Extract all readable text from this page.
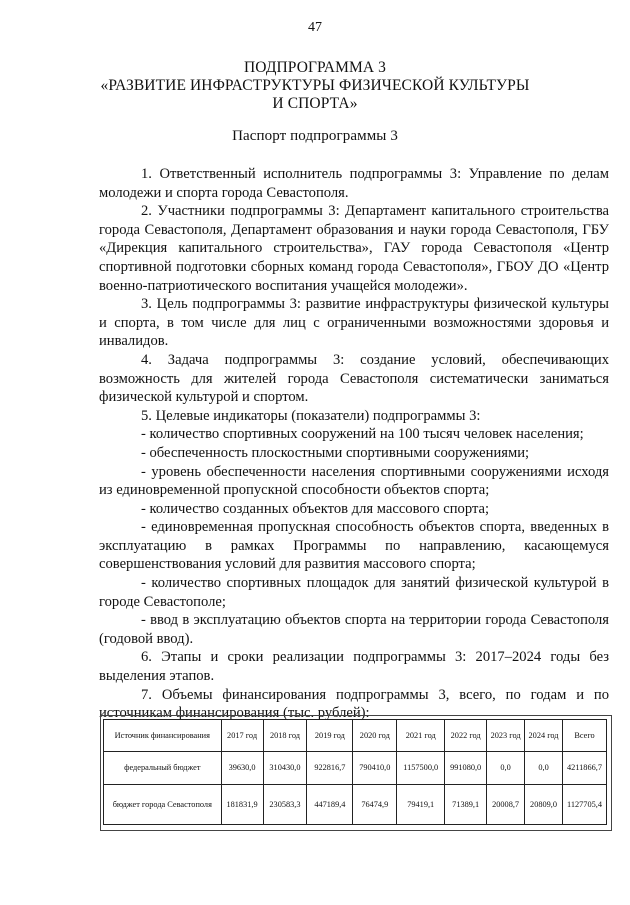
47
ПОДПРОГРАММА 3
«РАЗВИТИЕ ИНФРАСТРУКТУРЫ ФИЗИЧЕСКОЙ КУЛЬТУРЫ
И СПОРТА»
Паспорт подпрограммы 3

1. Ответственный исполнитель подпрограммы 3: Управление по делам молодежи и спорта города Севастополя.

2. Участники подпрограммы 3: Департамент капитального строительства города Севастополя, Департамент образования и науки города Севастополя, ГБУ «Дирекция капитального строительства», ГАУ города Севастополя «Центр спортивной подготовки сборных команд города Севастополя», ГБОУ ДО «Центр военно-патриотического воспитания учащейся молодежи».

3. Цель подпрограммы 3: развитие инфраструктуры физической культуры и спорта, в том числе для лиц с ограниченными возможностями здоровья и инвалидов.

4. Задача подпрограммы 3: создание условий, обеспечивающих возможность для жителей города Севастополя систематически заниматься физической культурой и спортом.

5. Целевые индикаторы (показатели) подпрограммы 3:

- количество спортивных сооружений на 100 тысяч человек населения;

- обеспеченность плоскостными спортивными сооружениями;

- уровень обеспеченности населения спортивными сооружениями исходя из единовременной пропускной способности объектов спорта;

- количество созданных объектов для массового спорта;

- единовременная пропускная способность объектов спорта, введенных в эксплуатацию в рамках Программы по направлению, касающемуся совершенствования условий для развития массового спорта;

- количество спортивных площадок для занятий физической культурой в городе Севастополе;

- ввод в эксплуатацию объектов спорта на территории города Севастополя (годовой ввод).

6. Этапы и сроки реализации подпрограммы 3: 2017–2024 годы без выделения этапов.

7. Объемы финансирования подпрограммы 3, всего, по годам и по источникам финансирования (тыс. рублей):

Источник финансирования	2017 год	2018 год	2019 год	2020 год	2021 год	2022 год	2023 год	2024 год	Всего
федеральный бюджет	39630,0	310430,0	922816,7	790410,0	1157500,0	991080,0	0,0	0,0	4211866,7
бюджет города Севастополя	181831,9	230583,3	447189,4	76474,9	79419,1	71389,1	20008,7	20809,0	1127705,4
